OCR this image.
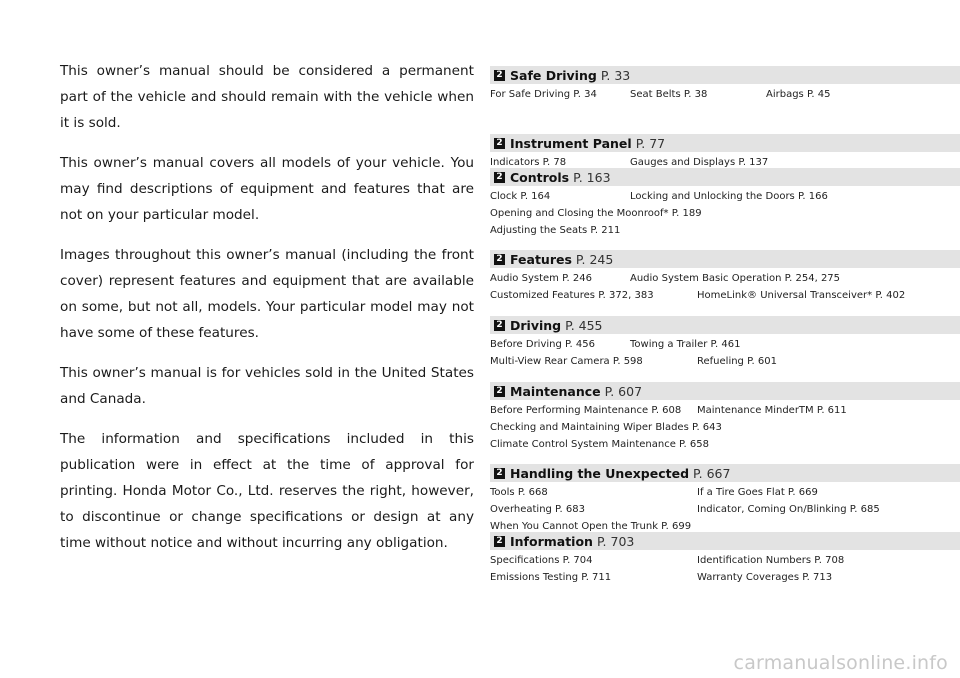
This owner’s manual should be considered a permanent part of the vehicle and should remain with the vehicle when it is sold.

This owner’s manual covers all models of your vehicle. You may find descriptions of equipment and features that are not on your particular model.

Images throughout this owner’s manual (including the front cover) represent features and equipment that are available on some, but not all, models. Your particular model may not have some of these features.

This owner’s manual is for vehicles sold in the United States and Canada.

The information and specifications included in this publication were in effect at the time of approval for printing. Honda Motor Co., Ltd. reserves the right, however, to discontinue or change specifications or design at any time without notice and without incurring any obligation.

2 Safe Driving P. 33
For Safe Driving P. 34	Seat Belts P. 38	Airbags P. 45
2 Instrument Panel P. 77
Indicators P. 78	Gauges and Displays P. 137
2 Controls P. 163
Clock P. 164	Locking and Unlocking the Doors P. 166
Opening and Closing the Moonroof* P. 189
Adjusting the Seats P. 211
2 Features P. 245
Audio System P. 246	Audio System Basic Operation P. 254, 275
Customized Features P. 372, 383	HomeLink® Universal Transceiver* P. 402
2 Driving P. 455
Before Driving P. 456	Towing a Trailer P. 461
Multi-View Rear Camera P. 598	Refueling P. 601
2 Maintenance P. 607
Before Performing Maintenance P. 608 Maintenance MinderTM P. 611
Checking and Maintaining Wiper Blades P. 643
Climate Control System Maintenance P. 658
2 Handling the Unexpected P. 667
Tools P. 668	If a Tire Goes Flat P. 669
Overheating P. 683	Indicator, Coming On/Blinking P. 685
When You Cannot Open the Trunk P. 699
2 Information P. 703
Specifications P. 704	Identification Numbers P. 708
Emissions Testing P. 711	Warranty Coverages P. 713
carmanualsonline.info
